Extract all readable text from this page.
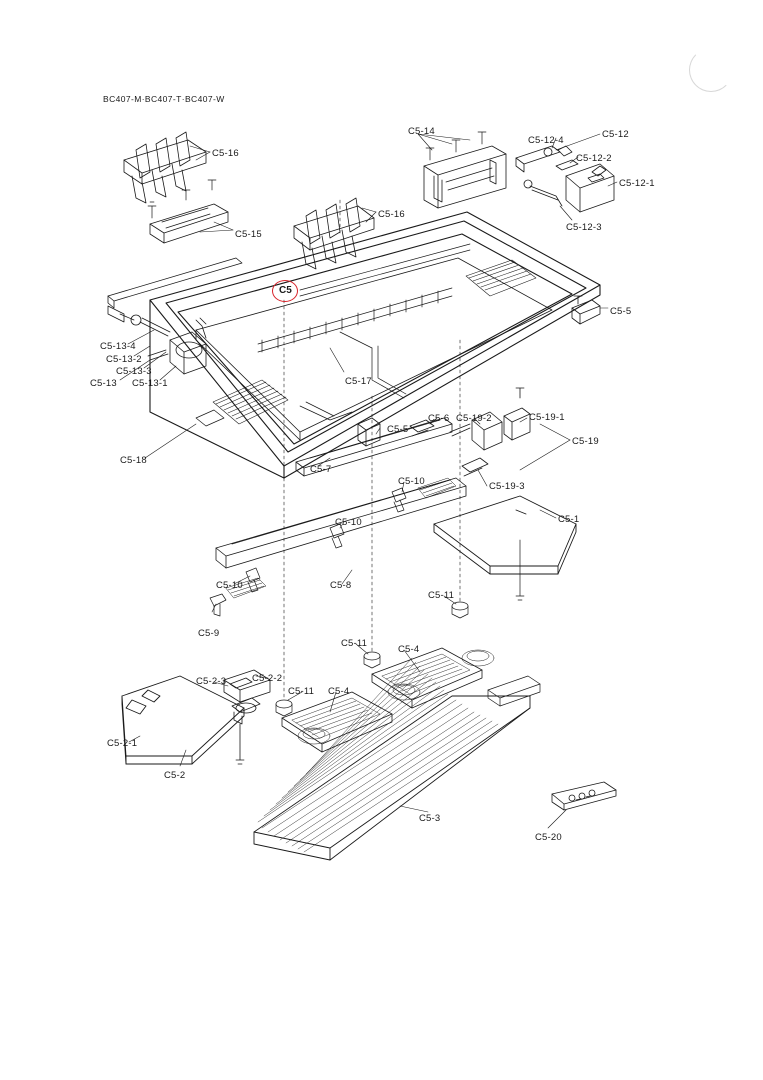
BC407-M·BC407-T·BC407-W
C5
C5-16
C5-15
C5-16
C5-14	C5-12
C5-12-4
C5-12-2
C5-12-1
C5-12-3
C5-5
C5-13-4
C5-13-2
C5-13-3
C5-13 C5-13-1	C5-17
C5-6 C5-19-2	C5-19-1
C5-19
C5-5
C5-18
C5-7
C5-10	C5-19-3
C5-10	C5-1
C5-10	C5-8
C5-11
C5-9
C5-11
C5-4
C5-2-3	C5-2-2
C5-11 C5-4
C5-2-1
C5-2
C5-3
C5-20
